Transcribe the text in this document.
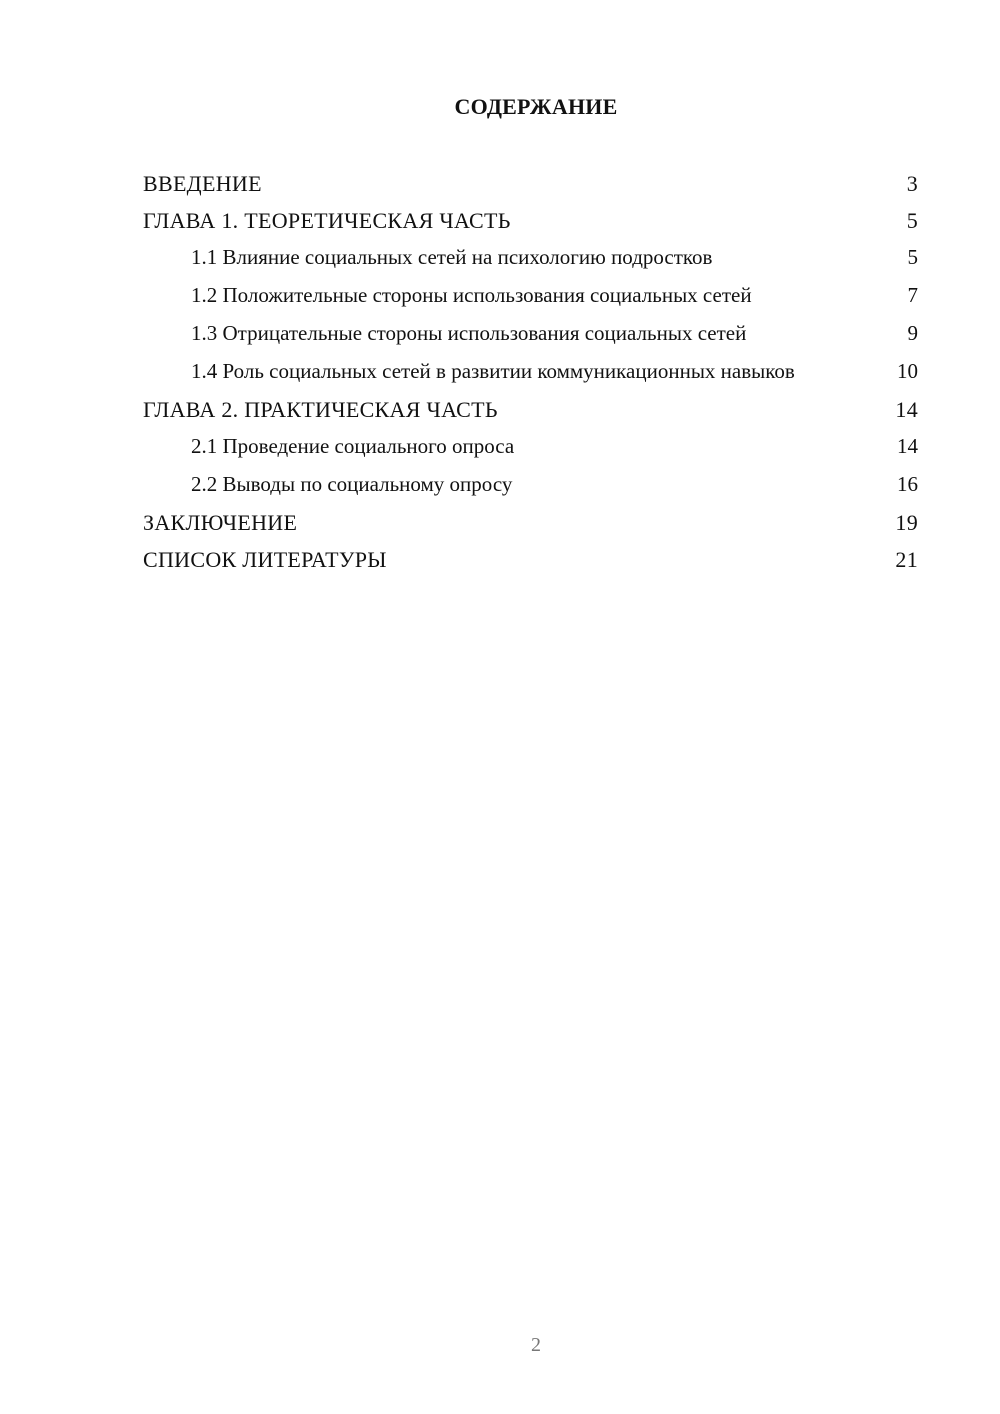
СОДЕРЖАНИЕ
ВВЕДЕНИЕ	3
ГЛАВА 1. ТЕОРЕТИЧЕСКАЯ ЧАСТЬ	5
1.1 Влияние социальных сетей на психологию подростков	5
1.2 Положительные стороны использования социальных сетей	7
1.3 Отрицательные стороны использования социальных сетей	9
1.4 Роль социальных сетей в развитии коммуникационных навыков	10
ГЛАВА 2. ПРАКТИЧЕСКАЯ ЧАСТЬ	14
2.1 Проведение социального опроса	14
2.2 Выводы по социальному опросу	16
ЗАКЛЮЧЕНИЕ	19
СПИСОК ЛИТЕРАТУРЫ	21
2
